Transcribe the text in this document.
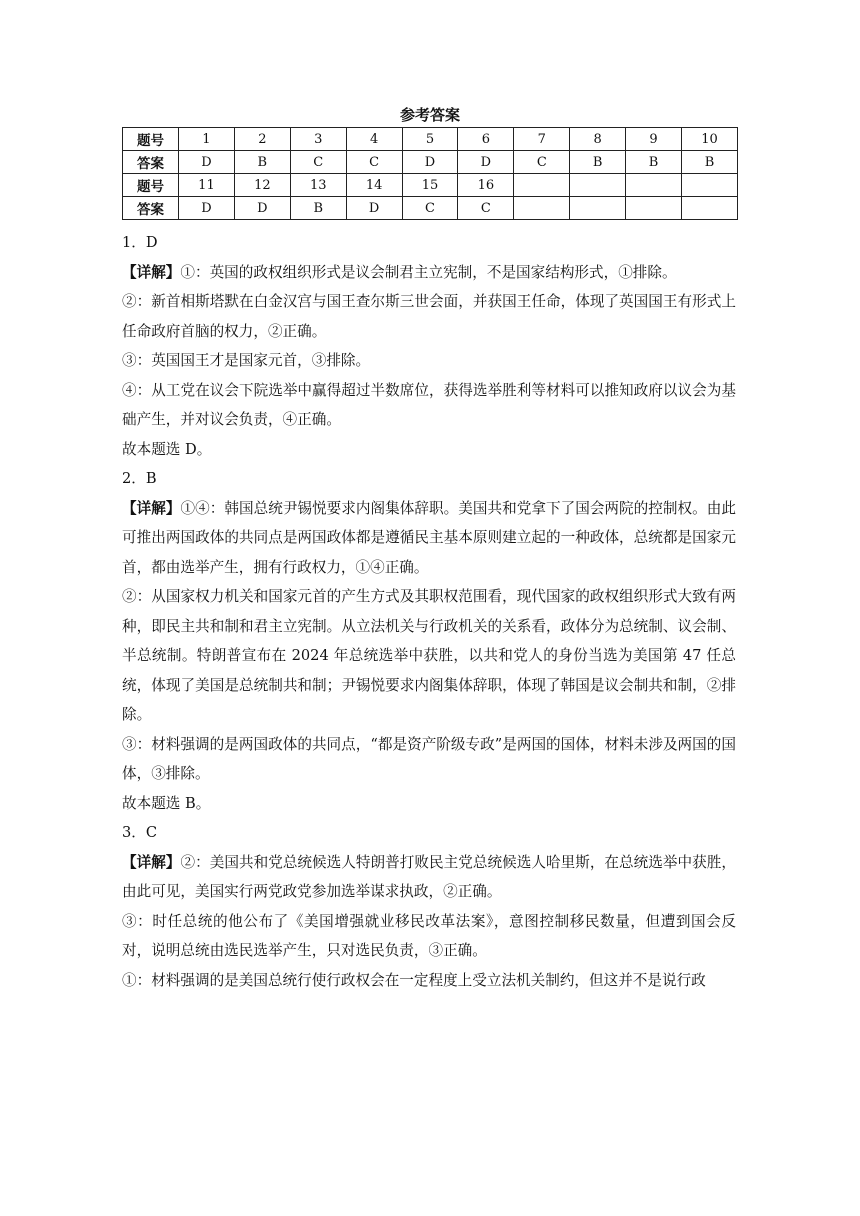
参考答案
题号	1	2	3	4	5	6	7	8	9	10
答案	D	B	C	C	D	D	C	B	B	B
题号	11	12	13	14	15	16				
答案	D	D	B	D	C	C				

1．D

【详解】①：英国的政权组织形式是议会制君主立宪制，不是国家结构形式，①排除。

②：新首相斯塔默在白金汉宫与国王查尔斯三世会面，并获国王任命，体现了英国国王有形式上任命政府首脑的权力，②正确。

③：英国国王才是国家元首，③排除。

④：从工党在议会下院选举中赢得超过半数席位，获得选举胜利等材料可以推知政府以议会为基础产生，并对议会负责，④正确。

故本题选 D。

2．B

【详解】①④：韩国总统尹锡悦要求内阁集体辞职。美国共和党拿下了国会两院的控制权。由此可推出两国政体的共同点是两国政体都是遵循民主基本原则建立起的一种政体，总统都是国家元首，都由选举产生，拥有行政权力，①④正确。

②：从国家权力机关和国家元首的产生方式及其职权范围看，现代国家的政权组织形式大致有两种，即民主共和制和君主立宪制。从立法机关与行政机关的关系看，政体分为总统制、议会制、半总统制。特朗普宣布在 2024 年总统选举中获胜，以共和党人的身份当选为美国第 47 任总统，体现了美国是总统制共和制；尹锡悦要求内阁集体辞职，体现了韩国是议会制共和制，②排除。

③：材料强调的是两国政体的共同点，“都是资产阶级专政”是两国的国体，材料未涉及两国的国体，③排除。

故本题选 B。

3．C

【详解】②：美国共和党总统候选人特朗普打败民主党总统候选人哈里斯，在总统选举中获胜，由此可见，美国实行两党政党参加选举谋求执政，②正确。

③：时任总统的他公布了《美国增强就业移民改革法案》，意图控制移民数量，但遭到国会反对，说明总统由选民选举产生，只对选民负责，③正确。

①：材料强调的是美国总统行使行政权会在一定程度上受立法机关制约，但这并不是说行政
